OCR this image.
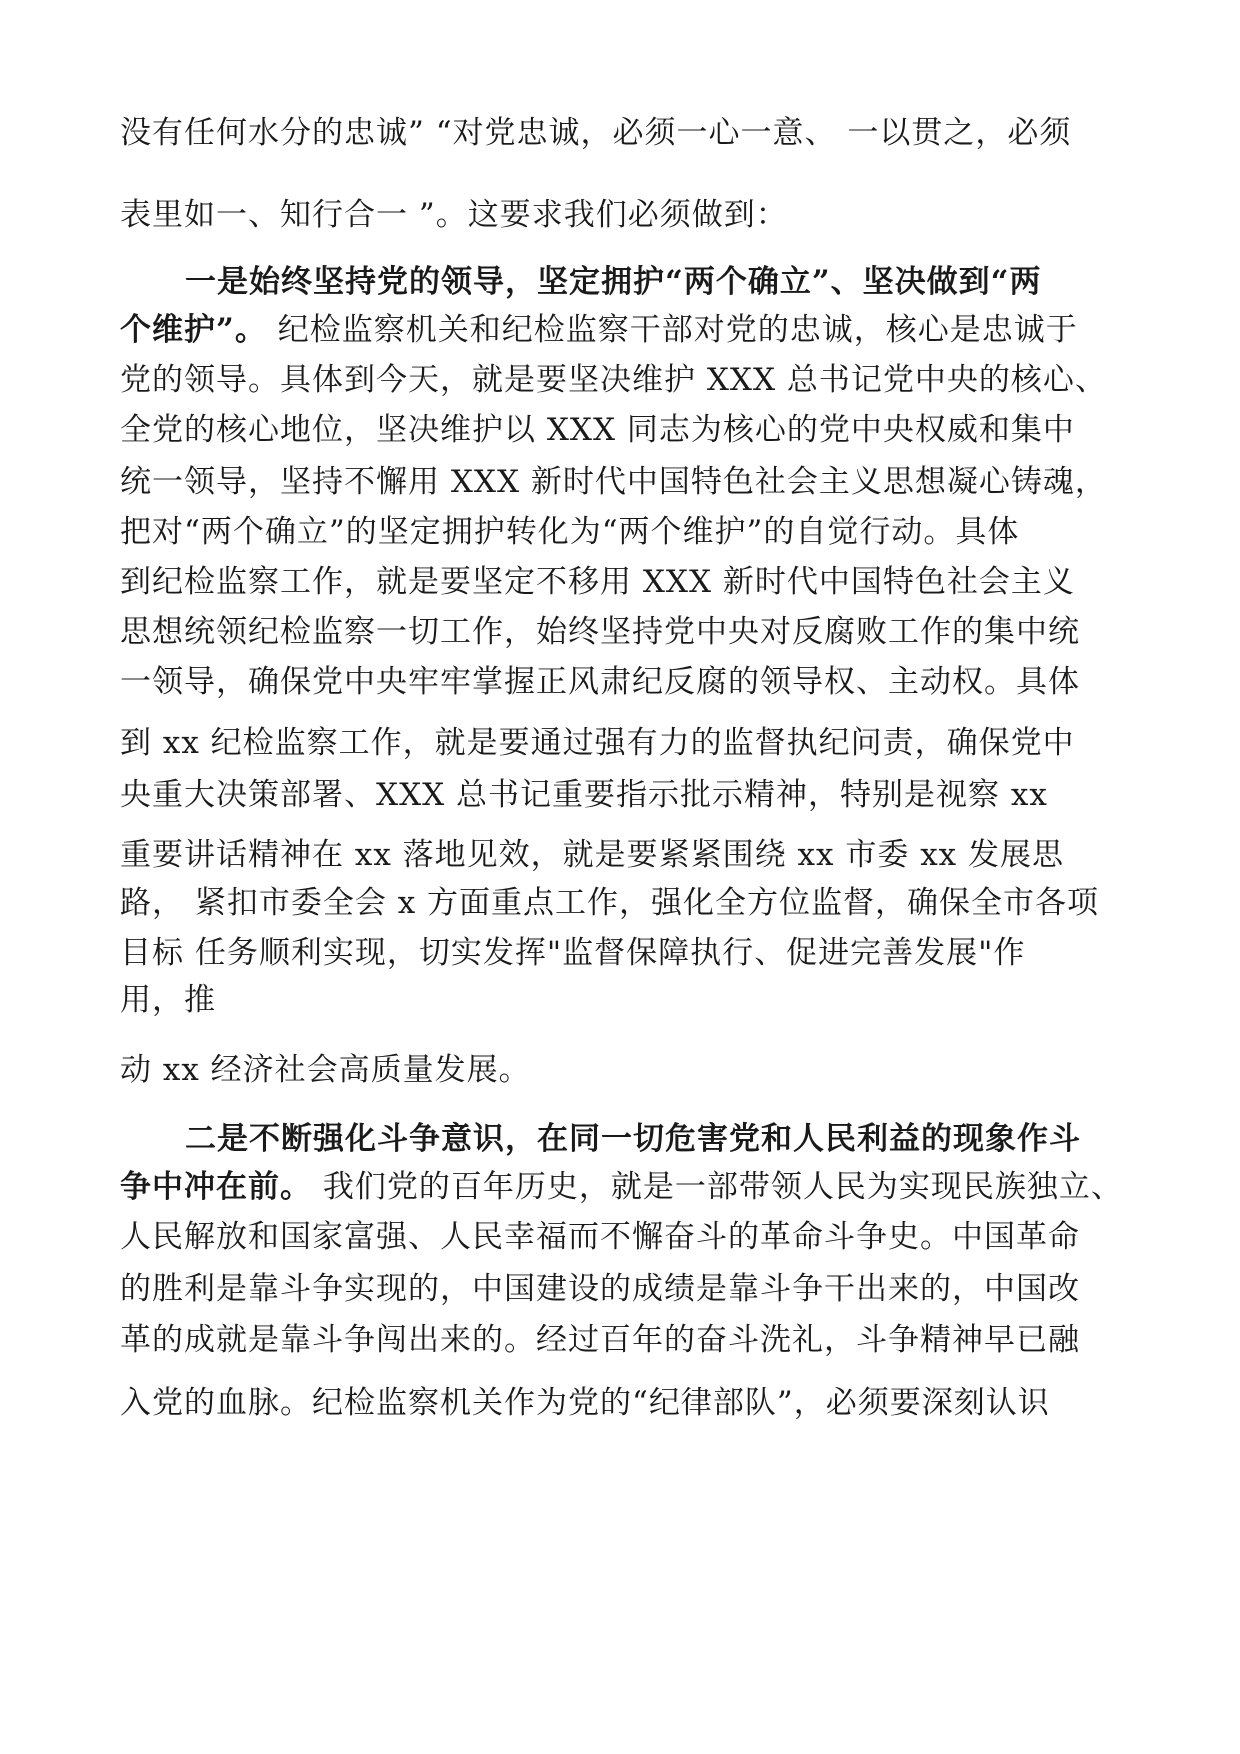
没有任何水分的忠诚” “对党忠诚，必须一心一意、 一以贯之，必须
表里如一、知行合一 ”。这要求我们必须做到：
一是始终坚持党的领导，坚定拥护“两个确立”、坚决做到“两
个维护”。 纪检监察机关和纪检监察干部对党的忠诚，核心是忠诚于
党的领导。具体到今天，就是要坚决维护 XXX 总书记党中央的核心、
全党的核心地位，坚决维护以 XXX 同志为核心的党中央权威和集中
统一领导，坚持不懈用 XXX 新时代中国特色社会主义思想凝心铸魂，
把对“两个确立”的坚定拥护转化为“两个维护”的自觉行动。具体
到纪检监察工作，就是要坚定不移用 XXX 新时代中国特色社会主义
思想统领纪检监察一切工作，始终坚持党中央对反腐败工作的集中统
一领导，确保党中央牢牢掌握正风肃纪反腐的领导权、主动权。具体
到 xx 纪检监察工作，就是要通过强有力的监督执纪问责，确保党中
央重大决策部署、XXX 总书记重要指示批示精神，特别是视察 xx
重要讲话精神在 xx 落地见效，就是要紧紧围绕 xx 市委 xx 发展思
路， 紧扣市委全会 x 方面重点工作，强化全方位监督，确保全市各项
目标 任务顺利实现，切实发挥"监督保障执行、促进完善发展"作
用，推
动 xx 经济社会高质量发展。
二是不断强化斗争意识，在同一切危害党和人民利益的现象作斗
争中冲在前。 我们党的百年历史，就是一部带领人民为实现民族独立、
人民解放和国家富强、人民幸福而不懈奋斗的革命斗争史。中国革命
的胜利是靠斗争实现的，中国建设的成绩是靠斗争干出来的，中国改
革的成就是靠斗争闯出来的。经过百年的奋斗洗礼，斗争精神早已融
入党的血脉。纪检监察机关作为党的“纪律部队”，必须要深刻认识
